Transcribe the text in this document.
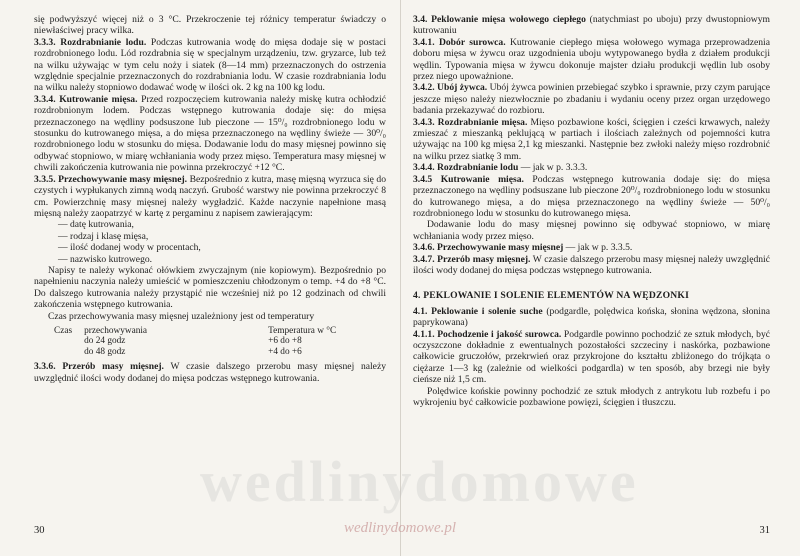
się podwyższyć więcej niż o 3 °C. Przekroczenie tej różnicy temperatur świadczy o niewłaściwej pracy wilka.

3.3.3. Rozdrabnianie lodu. Podczas kutrowania wodę do mięsa dodaje się w postaci rozdrobnionego lodu. Lód rozdrabnia się w specjalnym urządzeniu, tzw. gryzarce, lub też na wilku używając w tym celu noży i siatek (8—14 mm) przeznaczonych do ostrzenia względnie specjalnie przeznaczonych do rozdrabniania lodu. W czasie rozdrabniania lodu na wilku należy stopniowo dodawać wodę w ilości ok. 2 kg na 100 kg lodu.

3.3.4. Kutrowanie mięsa. Przed rozpoczęciem kutrowania należy miskę kutra ochłodzić rozdrobnionym lodem. Podczas wstępnego kutrowania dodaje się: do mięsa przeznaczonego na wędliny podsuszone lub pieczone — 15⁰/₀ rozdrobnionego lodu w stosunku do kutrowanego mięsa, a do mięsa przeznaczonego na wędliny świeże — 30⁰/₀ rozdrobnionego lodu w stosunku do mięsa. Dodawanie lodu do masy mięsnej powinno się odbywać stopniowo, w miarę wchłaniania wody przez mięso. Temperatura masy mięsnej w chwili zakończenia kutrowania nie powinna przekroczyć +12 °C.

3.3.5. Przechowywanie masy mięsnej. Bezpośrednio z kutra, masę mięsną wyrzuca się do czystych i wypłukanych zimną wodą naczyń. Grubość warstwy nie powinna przekroczyć 8 cm. Powierzchnię masy mięsnej należy wygładzić. Każde naczynie napełnione masą mięsną należy zaopatrzyć w kartę z pergaminu z napisem zawierającym:

— datę kutrowania,
— rodzaj i klasę mięsa,
— ilość dodanej wody w procentach,
— nazwisko kutrowego.

Napisy te należy wykonać ołówkiem zwyczajnym (nie kopiowym). Bezpośrednio po napełnieniu naczynia należy umieścić w pomieszczeniu chłodzonym o temp. +4 do +8 °C. Do dalszego kutrowania należy przystąpić nie wcześniej niż po 12 godzinach od chwili zakończenia wstępnego kutrowania.

Czas przechowywania masy mięsnej uzależniony jest od temperatury

Czas	przechowywania	Temperatura w °C
	do 24 godz	+6 do +8
	do 48 godz	+4 do +6

3.3.6. Przerób masy mięsnej. W czasie dalszego przerobu masy mięsnej należy uwzględnić ilości wody dodanej do mięsa podczas wstępnego kutrowania.

30

3.4. Peklowanie mięsa wołowego ciepłego (natychmiast po uboju) przy dwustopniowym kutrowaniu

3.4.1. Dobór surowca. Kutrowanie ciepłego mięsa wołowego wymaga przeprowadzenia doboru mięsa w żywcu oraz uzgodnienia uboju wytypowanego bydła z działem produkcji wędlin. Typowania mięsa w żywcu dokonuje majster działu produkcji wędlin lub osoby przez niego upoważnione.

3.4.2. Ubój żywca. Ubój żywca powinien przebiegać szybko i sprawnie, przy czym parujące jeszcze mięso należy niezwłocznie po zbadaniu i wydaniu oceny przez organ urzędowego badania przekazywać do rozbioru.

3.4.3. Rozdrabnianie mięsa. Mięso pozbawione kości, ścięgien i cześci krwawych, należy zmieszać z mieszanką peklującą w partiach i ilościach zależnych od pojemności kutra używając na 100 kg mięsa 2,1 kg mieszanki. Następnie bez zwłoki należy mięso rozdrobnić na wilku przez siatkę 3 mm.

3.4.4. Rozdrabnianie lodu — jak w p. 3.3.3.

3.4.5 Kutrowanie mięsa. Podczas wstępnego kutrowania dodaje się: do mięsa przeznaczonego na wędliny podsuszane lub pieczone 20⁰/₀ rozdrobnionego lodu w stosunku do kutrowanego mięsa, a do mięsa przeznaczonego na wędliny świeże — 50⁰/₀ rozdrobnionego lodu w stosunku do kutrowanego mięsa.

Dodawanie lodu do masy mięsnej powinno się odbywać stopniowo, w miarę wchłaniania wody przez mięso.

3.4.6. Przechowywanie masy mięsnej — jak w p. 3.3.5.

3.4.7. Przerób masy mięsnej. W czasie dalszego przerobu masy mięsnej należy uwzględnić ilości wody dodanej do mięsa podczas wstępnego kutrowania.

4. PEKLOWANIE I SOLENIE ELEMENTÓW NA WĘDZONKI

4.1. Peklowanie i solenie suche (podgardle, polędwica końska, słonina wędzona, słonina paprykowana)

4.1.1. Pochodzenie i jakość surowca. Podgardle powinno pochodzić ze sztuk młodych, być oczyszczone dokładnie z ewentualnych pozostałości szczeciny i naskórka, pozbawione całkowicie gruczołów, przekrwień oraz przykrojone do kształtu zbliżonego do trójkąta o ciężarze 1—3 kg (zależnie od wielkości podgardla) w ten sposób, aby brzegi nie były cieńsze niż 1,5 cm.

Polędwice końskie powinny pochodzić ze sztuk młodych z antrykotu lub rozbefu i po wykrojeniu być całkowicie pozbawione powięzi, ścięgien i tłuszczu.

31
wedlinydomowe
wedlinydomowe.pl
